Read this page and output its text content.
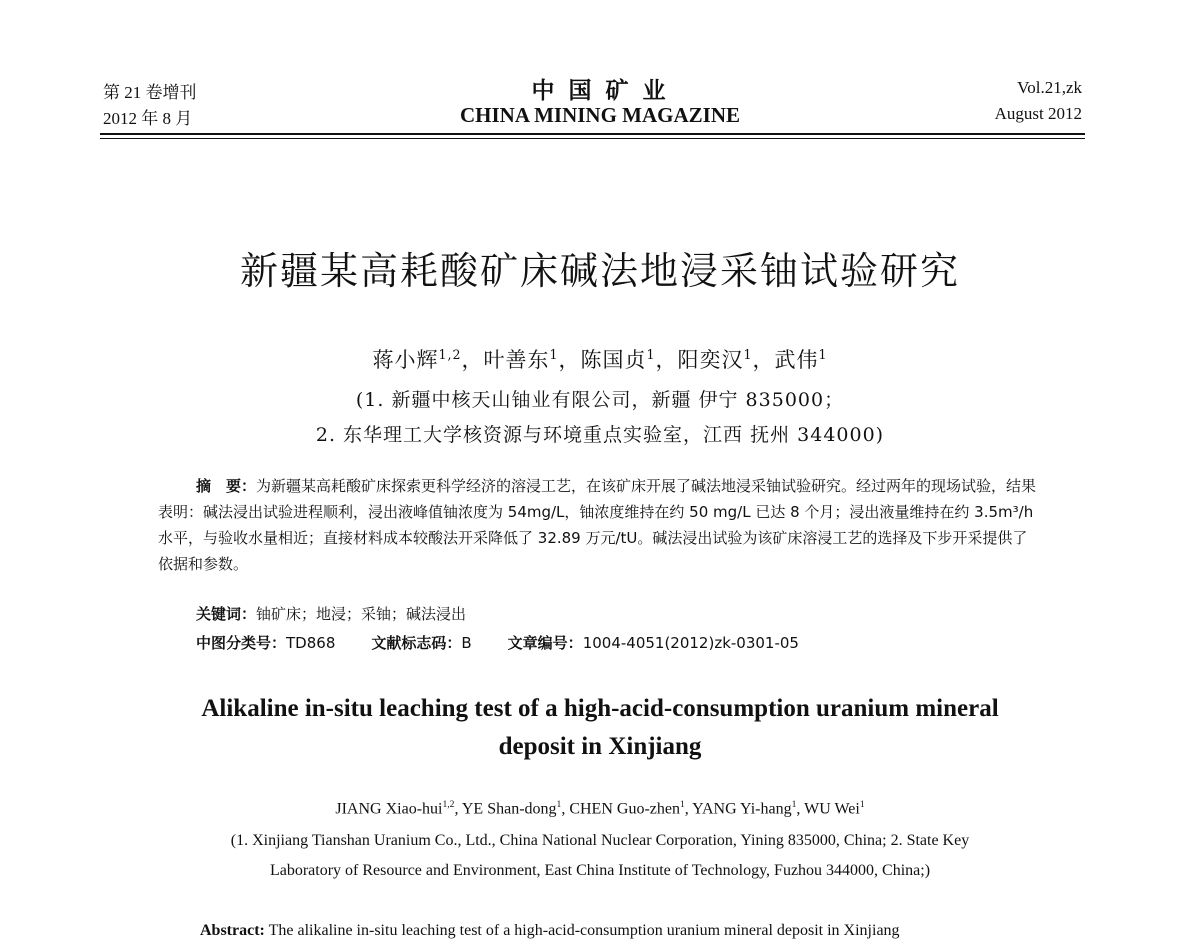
第 21 卷增刊
2012 年 8 月
中 国 矿 业
CHINA MINING MAGAZINE
Vol.21,zk
August 2012
新疆某高耗酸矿床碱法地浸采铀试验研究
蒋小辉$^{1,2}$，叶善东$^1$，陈国贞$^1$，阳奕汉$^1$，武伟$^1$
(1. 新疆中核天山铀业有限公司，新疆 伊宁 835000；
2. 东华理工大学核资源与环境重点实验室，江西 抚州 344000)
摘　要：为新疆某高耗酸矿床探索更科学经济的溶浸工艺，在该矿床开展了碱法地浸采铀试验研究。经过两年的现场试验，结果表明：碱法浸出试验进程顺利，浸出液峰值铀浓度为 54mg/L，铀浓度维持在约 50 mg/L 已达 8 个月；浸出液量维持在约 3.5m³/h 水平，与验收水量相近；直接材料成本较酸法开采降低了 32.89 万元/tU。碱法浸出试验为该矿床溶浸工艺的选择及下步开采提供了依据和参数。
关键词：铀矿床；地浸；采铀；碱法浸出
中图分类号：TD868 文献标志码：B 文章编号：1004-4051(2012)zk-0301-05
Alikaline in-situ leaching test of a high-acid-consumption uranium mineral
deposit in Xinjiang
JIANG Xiao-hui$^{1,2}$, YE Shan-dong$^1$, CHEN Guo-zhen$^1$, YANG Yi-hang$^1$, WU Wei$^1$
(1. Xinjiang Tianshan Uranium Co., Ltd., China National Nuclear Corporation, Yining 835000, China; 2. State Key
Laboratory of Resource and Environment, East China Institute of Technology, Fuzhou 344000, China;)
Abstract: The alikaline in-situ leaching test of a high-acid-consumption uranium mineral deposit in Xinjiang
